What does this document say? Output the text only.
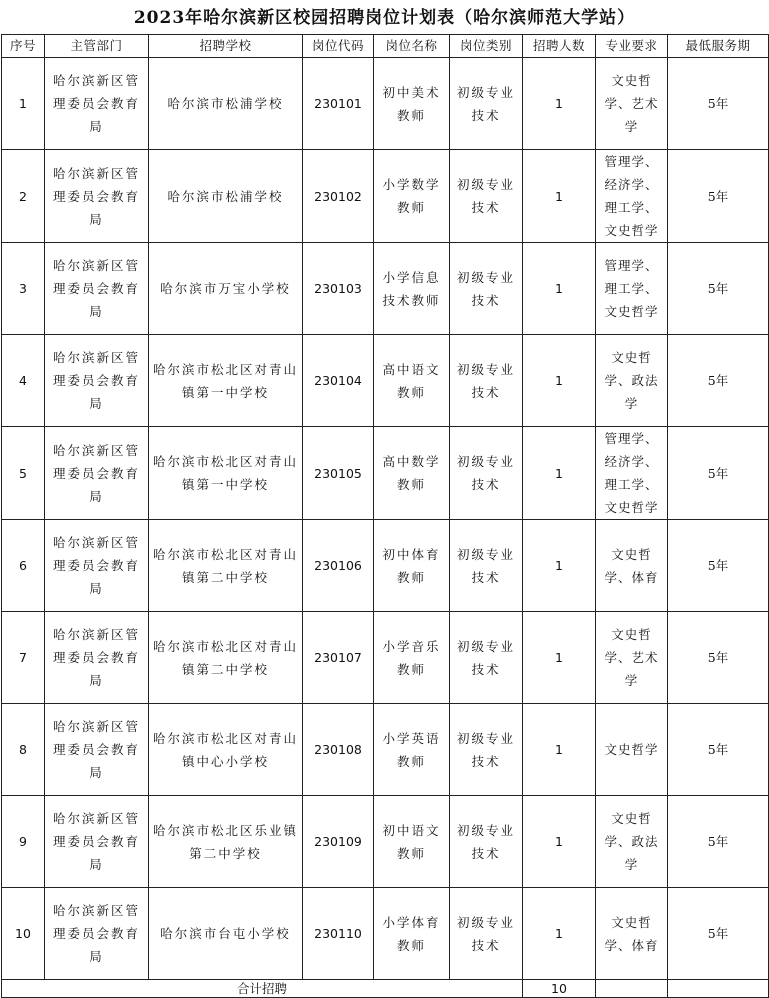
2023年哈尔滨新区校园招聘岗位计划表（哈尔滨师范大学站）
序号	主管部门	招聘学校	岗位代码	岗位名称	岗位类别	招聘人数	专业要求	最低服务期
1	哈尔滨新区管理委员会教育局	哈尔滨市松浦学校	230101	初中美术教师	初级专业技术	1	文史哲学、艺术学	5年
2	哈尔滨新区管理委员会教育局	哈尔滨市松浦学校	230102	小学数学教师	初级专业技术	1	管理学、经济学、理工学、文史哲学	5年
3	哈尔滨新区管理委员会教育局	哈尔滨市万宝小学校	230103	小学信息技术教师	初级专业技术	1	管理学、理工学、文史哲学	5年
4	哈尔滨新区管理委员会教育局	哈尔滨市松北区对青山镇第一中学校	230104	高中语文教师	初级专业技术	1	文史哲学、政法学	5年
5	哈尔滨新区管理委员会教育局	哈尔滨市松北区对青山镇第一中学校	230105	高中数学教师	初级专业技术	1	管理学、经济学、理工学、文史哲学	5年
6	哈尔滨新区管理委员会教育局	哈尔滨市松北区对青山镇第二中学校	230106	初中体育教师	初级专业技术	1	文史哲学、体育	5年
7	哈尔滨新区管理委员会教育局	哈尔滨市松北区对青山镇第二中学校	230107	小学音乐教师	初级专业技术	1	文史哲学、艺术学	5年
8	哈尔滨新区管理委员会教育局	哈尔滨市松北区对青山镇中心小学校	230108	小学英语教师	初级专业技术	1	文史哲学	5年
9	哈尔滨新区管理委员会教育局	哈尔滨市松北区乐业镇第二中学校	230109	初中语文教师	初级专业技术	1	文史哲学、政法学	5年
10	哈尔滨新区管理委员会教育局	哈尔滨市台屯小学校	230110	小学体育教师	初级专业技术	1	文史哲学、体育	5年
合计招聘						10		
